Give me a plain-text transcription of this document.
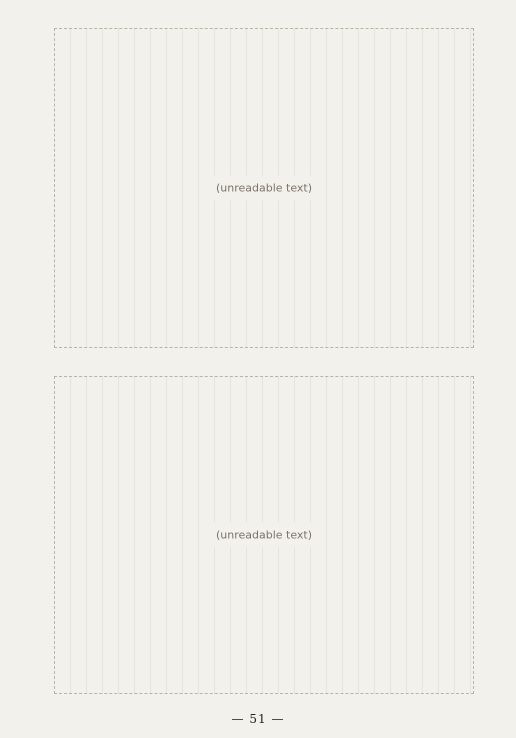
(unreadable text)
(unreadable text)
— 51 —
